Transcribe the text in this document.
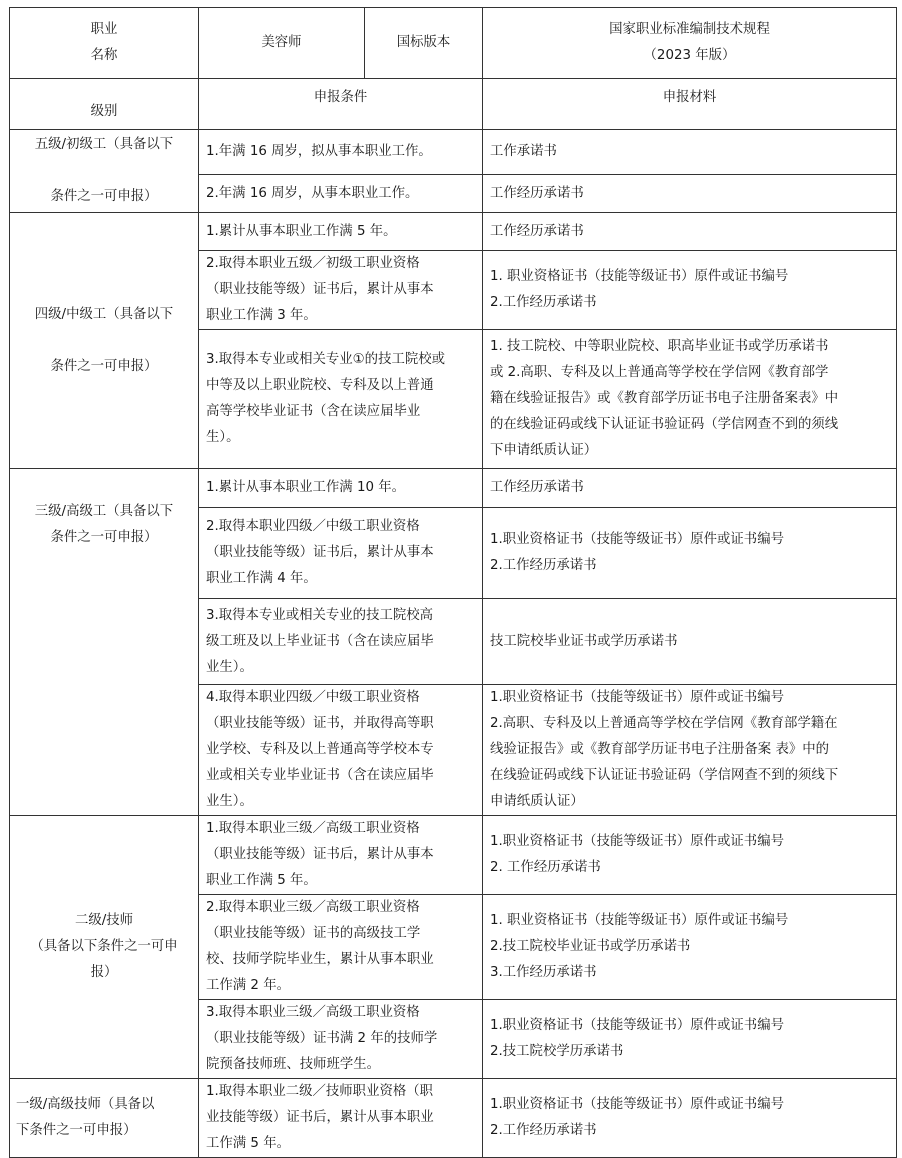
职业
名称	美容师	国标版本	国家职业标准编制技术规程
（2023 年版）
级别	申报条件		申报材料
五级/初级工（具备以下

条件之一可申报）	1.年满 16 周岁，拟从事本职业工作。		工作承诺书
	2.年满 16 周岁，从事本职业工作。		工作经历承诺书
四级/中级工（具备以下

条件之一可申报）	1.累计从事本职业工作满 5 年。		工作经历承诺书
	2.取得本职业五级／初级工职业资格
（职业技能等级）证书后，累计从事本
职业工作满 3 年。		1. 职业资格证书（技能等级证书）原件或证书编号
2.工作经历承诺书
	3.取得本专业或相关专业①的技工院校或
中等及以上职业院校、专科及以上普通
高等学校毕业证书（含在读应届毕业
生）。		1. 技工院校、中等职业院校、职高毕业证书或学历承诺书
或 2.高职、专科及以上普通高等学校在学信网《教育部学
籍在线验证报告》或《教育部学历证书电子注册备案表》中
的在线验证码或线下认证证书验证码（学信网查不到的须线
下申请纸质认证）
三级/高级工（具备以下
条件之一可申报）	1.累计从事本职业工作满 10 年。		工作经历承诺书
	2.取得本职业四级／中级工职业资格
（职业技能等级）证书后，累计从事本
职业工作满 4 年。		1.职业资格证书（技能等级证书）原件或证书编号
2.工作经历承诺书
	3.取得本专业或相关专业的技工院校高
级工班及以上毕业证书（含在读应届毕
业生）。		技工院校毕业证书或学历承诺书
	4.取得本职业四级／中级工职业资格
（职业技能等级）证书，并取得高等职
业学校、专科及以上普通高等学校本专
业或相关专业毕业证书（含在读应届毕
业生）。		1.职业资格证书（技能等级证书）原件或证书编号
2.高职、专科及以上普通高等学校在学信网《教育部学籍在
线验证报告》或《教育部学历证书电子注册备案 表》中的
在线验证码或线下认证证书验证码（学信网查不到的须线下
申请纸质认证）
二级/技师
（具备以下条件之一可申
报）	1.取得本职业三级／高级工职业资格
（职业技能等级）证书后，累计从事本
职业工作满 5 年。		1.职业资格证书（技能等级证书）原件或证书编号
2. 工作经历承诺书
	2.取得本职业三级／高级工职业资格
（职业技能等级）证书的高级技工学
校、技师学院毕业生，累计从事本职业
工作满 2 年。		1. 职业资格证书（技能等级证书）原件或证书编号
2.技工院校毕业证书或学历承诺书
3.工作经历承诺书
	3.取得本职业三级／高级工职业资格
（职业技能等级）证书满 2 年的技师学
院预备技师班、技师班学生。		1.职业资格证书（技能等级证书）原件或证书编号
2.技工院校学历承诺书
一级/高级技师（具备以
下条件之一可申报）	1.取得本职业二级／技师职业资格（职
业技能等级）证书后，累计从事本职业
工作满 5 年。		1.职业资格证书（技能等级证书）原件或证书编号
2.工作经历承诺书
